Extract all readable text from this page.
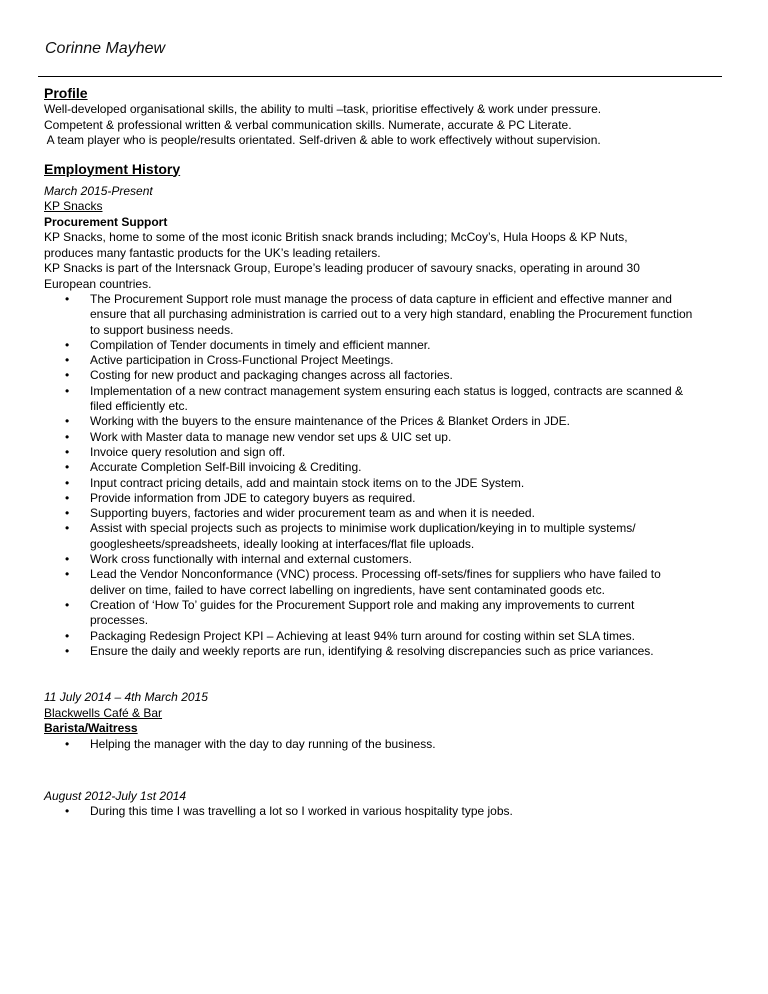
Corinne Mayhew
Profile

Well-developed organisational skills, the ability to multi –task, prioritise effectively & work under pressure.

Competent & professional written & verbal communication skills. Numerate, accurate & PC Literate.

A team player who is people/results orientated. Self-driven & able to work effectively without supervision.

Employment History

March 2015-Present

KP Snacks

Procurement Support

KP Snacks, home to some of the most iconic British snack brands including; McCoy’s, Hula Hoops & KP Nuts,

produces many fantastic products for the UK’s leading retailers.

KP Snacks is part of the Intersnack Group, Europe’s leading producer of savoury snacks, operating in around 30

European countries.

• The Procurement Support role must manage the process of data capture in efficient and effective manner and ensure that all purchasing administration is carried out to a very high standard, enabling the Procurement function to support business needs.
• Compilation of Tender documents in timely and efficient manner.
• Active participation in Cross-Functional Project Meetings.
• Costing for new product and packaging changes across all factories.
• Implementation of a new contract management system ensuring each status is logged, contracts are scanned & filed efficiently etc.
• Working with the buyers to the ensure maintenance of the Prices & Blanket Orders in JDE.
• Work with Master data to manage new vendor set ups & UIC set up.
• Invoice query resolution and sign off.
• Accurate Completion Self-Bill invoicing & Crediting.
• Input contract pricing details, add and maintain stock items on to the JDE System.
• Provide information from JDE to category buyers as required.
• Supporting buyers, factories and wider procurement team as and when it is needed.
• Assist with special projects such as projects to minimise work duplication/keying in to multiple systems/ googlesheets/spreadsheets, ideally looking at interfaces/flat file uploads.
• Work cross functionally with internal and external customers.
• Lead the Vendor Nonconformance (VNC) process. Processing off-sets/fines for suppliers who have failed to deliver on time, failed to have correct labelling on ingredients, have sent contaminated goods etc.
• Creation of ‘How To’ guides for the Procurement Support role and making any improvements to current processes.
• Packaging Redesign Project KPI – Achieving at least 94% turn around for costing within set SLA times.
• Ensure the daily and weekly reports are run, identifying & resolving discrepancies such as price variances.

11 July 2014 – 4th March 2015

Blackwells Café & Bar

Barista/Waitress

• Helping the manager with the day to day running of the business.

August 2012-July 1st 2014

• During this time I was travelling a lot so I worked in various hospitality type jobs.
